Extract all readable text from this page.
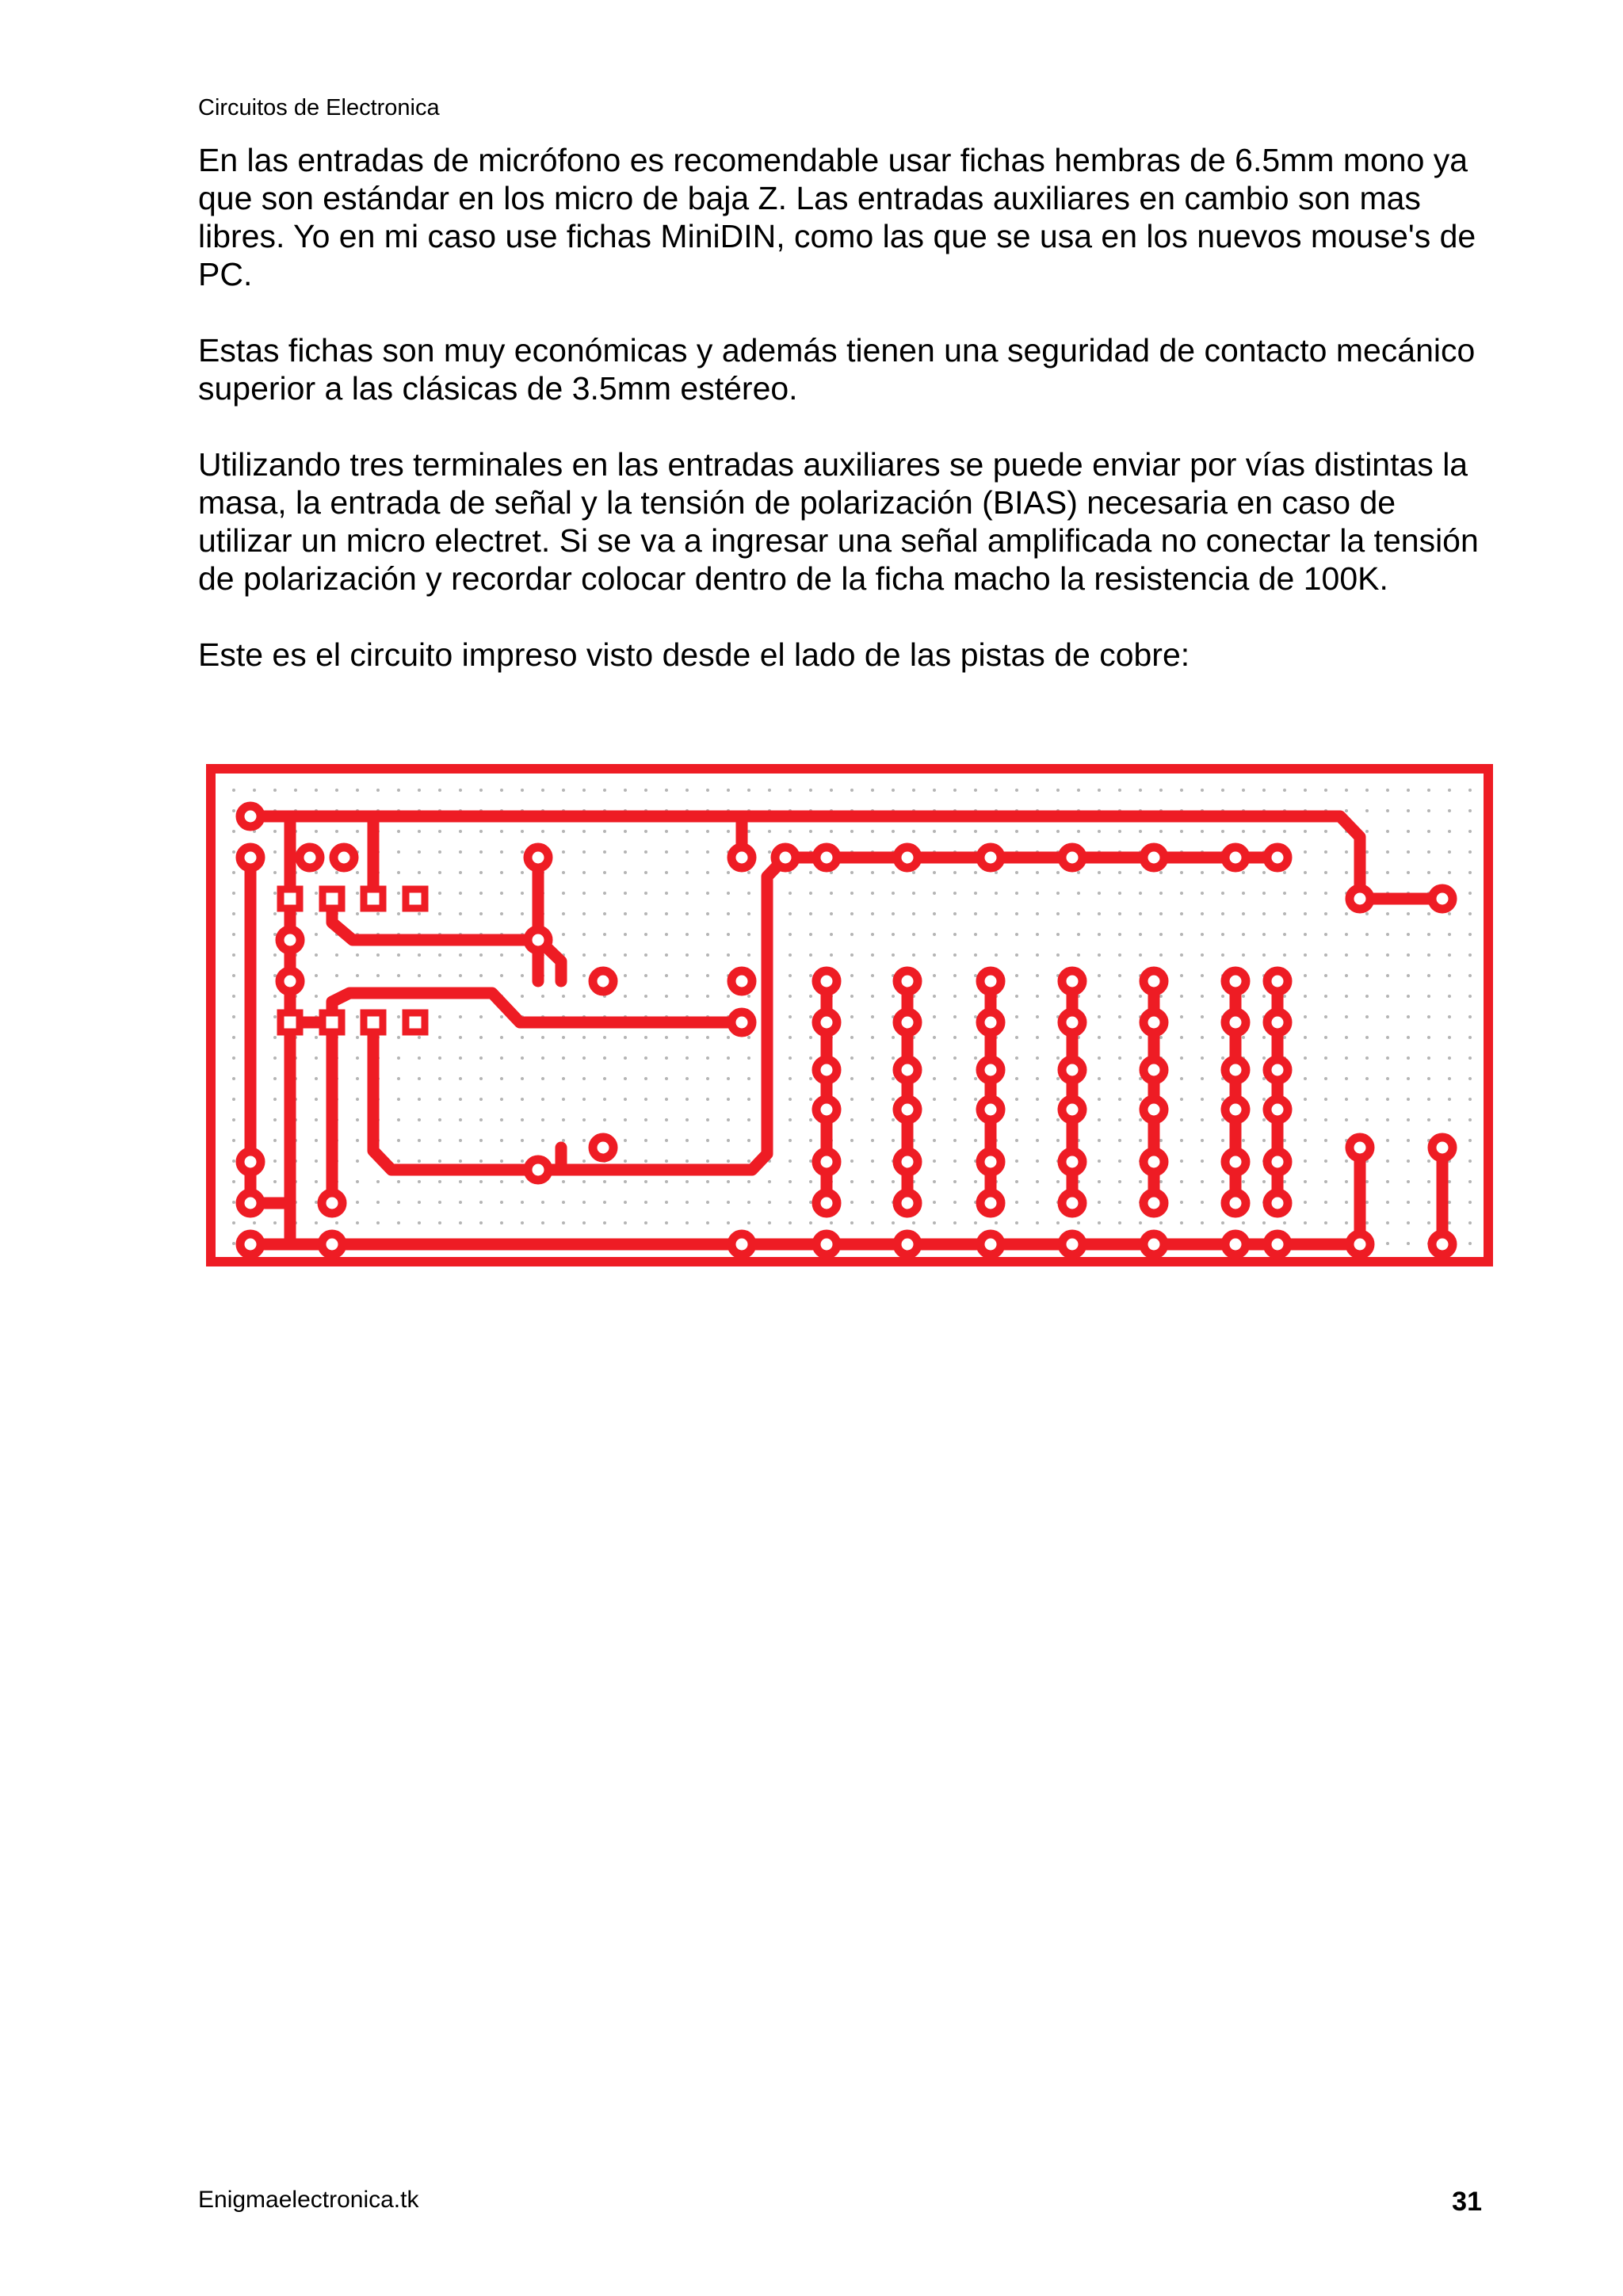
Circuitos de Electronica

En las entradas de micrófono es recomendable usar fichas hembras de 6.5mm mono ya que son estándar en los micro de baja Z. Las entradas auxiliares en cambio son mas libres. Yo en mi caso use fichas MiniDIN, como las que se usa en los nuevos mouse's de PC.

Estas fichas son muy económicas y además tienen una seguridad de contacto mecánico superior a las clásicas de 3.5mm estéreo.

Utilizando tres terminales en las entradas auxiliares se puede enviar por vías distintas la masa, la entrada de señal y la tensión de polarización (BIAS) necesaria en caso de utilizar un micro electret. Si se va a ingresar una señal amplificada no conectar la tensión de polarización y recordar colocar dentro de la ficha macho la resistencia de 100K.

Este es el circuito impreso visto desde el lado de las pistas de cobre:

Enigmaelectronica.tk	31
